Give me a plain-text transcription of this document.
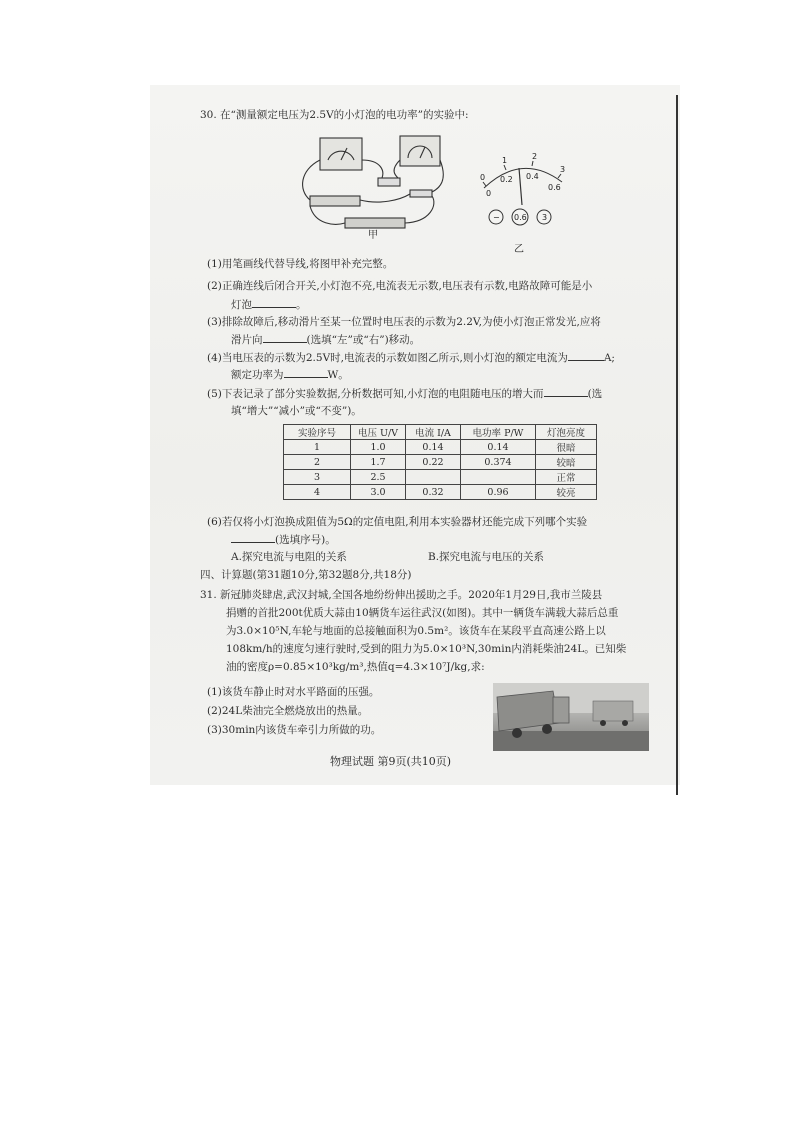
30. 在“测量额定电压为2.5V的小灯泡的电功率”的实验中:
甲
0
1	2
3
0
0.2 0.4
0.6
− 0.6 3
乙
(1)用笔画线代替导线,将图甲补充完整。
(2)正确连线后闭合开关,小灯泡不亮,电流表无示数,电压表有示数,电路故障可能是小
灯泡	。
(3)排除故障后,移动滑片至某一位置时电压表的示数为2.2V,为使小灯泡正常发光,应将
滑片向	(选填“左”或“右”)移动。
(4)当电压表的示数为2.5V时,电流表的示数如图乙所示,则小灯泡的额定电流为	A;
额定功率为	W。
(5)下表记录了部分实验数据,分析数据可知,小灯泡的电阻随电压的增大而	(选
填“增大”“减小”或“不变”)。
实验序号	电压 U/V	电流 I/A	电功率 P/W	灯泡亮度
1	1.0	0.14	0.14	很暗
2	1.7	0.22	0.374	较暗
3	2.5			正常
4	3.0	0.32	0.96	较亮
(6)若仅将小灯泡换成阻值为5Ω的定值电阻,利用本实验器材还能完成下列哪个实验
(选填序号)。
A.探究电流与电阻的关系	B.探究电流与电压的关系
四、计算题(第31题10分,第32题8分,共18分)
31. 新冠肺炎肆虐,武汉封城,全国各地纷纷伸出援助之手。2020年1月29日,我市兰陵县
捐赠的首批200t优质大蒜由10辆货车运往武汉(如图)。其中一辆货车满载大蒜后总重
为3.0×10⁵N,车轮与地面的总接触面积为0.5m²。该货车在某段平直高速公路上以
108km/h的速度匀速行驶时,受到的阻力为5.0×10³N,30min内消耗柴油24L。已知柴
油的密度ρ=0.85×10³kg/m³,热值q=4.3×10⁷J/kg,求:
(1)该货车静止时对水平路面的压强。
(2)24L柴油完全燃烧放出的热量。
(3)30min内该货车牵引力所做的功。
物理试题 第9页(共10页)
